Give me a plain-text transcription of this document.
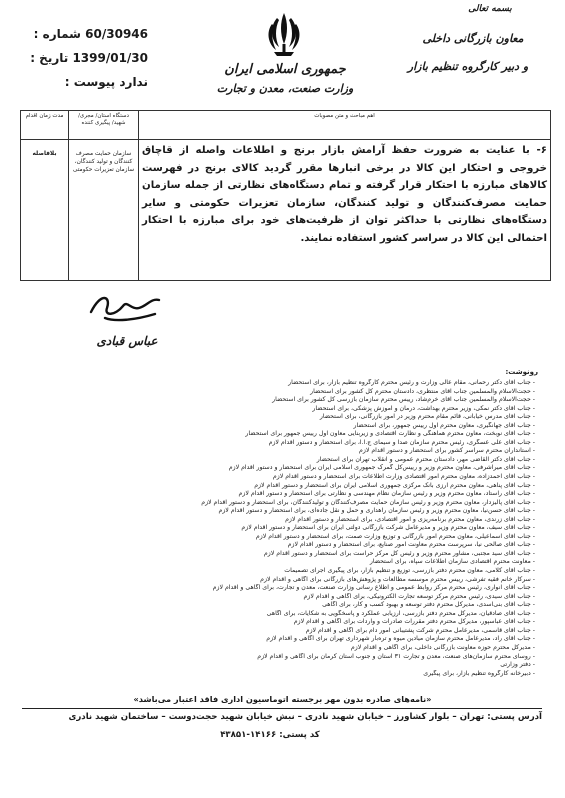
60/30946 شماره :
1399/01/30 تاریخ :
ندارد پیوست :
جمهوری اسلامی ایران
وزارت صنعت، معدن و تجارت
بسمه تعالی
معاون بازرگانی داخلی
و دبیر کارگروه تنظیم بازار
مدت زمان اقدام	دستگاه استان/ مجری/ شهید/ پیگیری کننده	اهم مباحث و متن مصوبات
بلافاصله	سازمان حمایت مصرف کنندگان و تولید کنندگان، سازمان تعزیرات حکومتی	۶- با عنایت به ضرورت حفظ آرامش بازار برنج و اطلاعات واصله از قاچاق خروجی و احتکار این کالا در برخی انبارها مقرر گردید کالای برنج در فهرست کالاهای مبارزه با احتکار قرار گرفته و تمام دستگاه‌های نظارتی از جمله سازمان حمایت مصرف‌کنندگان و تولید کنندگان، سازمان تعزیرات حکومتی و سایر دستگاه‌های نظارتی با حداکثر توان از ظرفیت‌های خود برای مبارزه با احتکار احتمالی این کالا در سراسر کشور استفاده نمایند.
عباس قبادی
رونوشت:
- جناب آقای دکتر رحمانی، مقام عالی وزارت و رئیس محترم کارگروه تنظیم بازار، برای استحضار
- حجت‌الاسلام والمسلمین جناب آقای منتظری، دادستان محترم کل کشور برای استحضار
- حجت‌الاسلام والمسلمین جناب آقای خرم‌شاد، رییس محترم سازمان بازرسی کل کشور برای استحضار
- جناب آقای دکتر نمکی، وزیر محترم بهداشت، درمان و آموزش پزشکی، برای استحضار
- جناب آقای مدرس خیابانی، قائم مقام محترم وزیر در امور بازرگانی، برای استحضار
- جناب آقای جهانگیری، معاون محترم اول رییس جمهور، برای استحضار
- جناب آقای نوبخت، معاون محترم هماهنگی و نظارت اقتصادی و زیربنایی معاون اول رییس جمهور برای استحضار
- جناب آقای علی عسگری، رئیس محترم سازمان صدا و سیمای ج.ا.ا، برای استحضار و دستور اقدام لازم
- استانداران محترم سراسر کشور برای استحضار و دستور اقدام لازم
- جناب آقای دکتر القاضی مهر، دادستان محترم عمومی و انقلاب تهران برای استحضار
- جناب آقای میرآشرفی، معاون محترم وزیر و رییس‌کل گمرک جمهوری اسلامی ایران برای استحضار و دستور اقدام لازم
- جناب آقای احمدزاده، معاون محترم امور اقتصادی وزارت اطلاعات برای استحضار و دستور اقدام لازم
- جناب آقای پناهی، معاون محترم ارزی بانک مرکزی جمهوری اسلامی ایران برای استحضار و دستور اقدام لازم
- جناب آقای راستاد، معاون محترم وزیر و رئیس سازمان نظام مهندسی و نظارتی برای استحضار و دستور اقدام لازم
- جناب آقای پالیزدار، معاون محترم وزیر و رئیس سازمان حمایت مصرف‌کنندگان و تولیدکنندگان، برای استحضار و دستور اقدام لازم
- جناب آقای حسن‌نیا، معاون محترم وزیر و رئیس سازمان راهداری و حمل و نقل جاده‌ای، برای استحضار و دستور اقدام لازم
- جناب آقای زرندی، معاون محترم برنامه‌ریزی و امور اقتصادی، برای استحضار و دستور اقدام لازم
- جناب آقای سیف، معاون محترم وزیر و مدیرعامل شرکت بازرگانی دولتی ایران برای استحضار و دستور اقدام لازم
- جناب آقای اسماعیلی، معاون محترم امور بازرگانی و توزیع وزارت صمت، برای استحضار و دستور اقدام لازم
- جناب آقای صالحی نیا، سرپرست محترم معاونت امور صنایع، برای استحضار و دستور اقدام لازم
- جناب آقای سید مجتبی، مشاور محترم وزیر و رئیس کل مرکز حراست برای استحضار و دستور اقدام لازم
- معاونت محترم اقتصادی سازمان اطلاعات سپاه، برای استحضار
- جناب آقای کلامی، معاون محترم دفتر بازرسی، توزیع و تنظیم بازار، برای پیگیری اجرای تصمیمات
- سرکار خانم فقیه تفرشی، رییس محترم موسسه مطالعات و پژوهش‌های بازرگانی برای آگاهی و اقدام لازم
- جناب آقای انواری، رئیس محترم مرکز روابط عمومی و اطلاع رسانی وزارت صنعت، معدن و تجارت، برای آگاهی و اقدام لازم
- جناب آقای سیدی، رئیس محترم مرکز توسعه تجارت الکترونیکی، برای آگاهی و اقدام لازم
- جناب آقای بنی‌اسدی، مدیرکل محترم دفتر توسعه و بهبود کسب و کار، برای آگاهی
- جناب آقای صادقیان، مدیرکل محترم دفتر بازرسی، ارزیابی عملکرد و پاسخگویی به شکایات، برای آگاهی
- جناب آقای عباسپور، مدیرکل محترم دفتر مقررات صادرات و واردات برای آگاهی و اقدام لازم
- جناب آقای قاسمی، مدیرعامل محترم شرکت پشتیبانی امور دام برای آگاهی و اقدام لازم
- جناب آقای راد، مدیرعامل محترم سازمان میادین میوه و تره‌بار شهرداری تهران برای آگاهی و اقدام لازم
- مدیرکل محترم حوزه معاونت بازرگانی داخلی، برای آگاهی و اقدام لازم
- روسای محترم سازمان‌های صنعت، معدن و تجارت ۳۱ استان و جنوب استان کرمان برای آگاهی و اقدام لازم
- دفتر وزارتی
- دبیرخانه کارگروه تنظیم بازار، برای پیگیری
«نامه‌های صادره بدون مهر برجسته اتوماسیون اداری فاقد اعتبار می‌باشد»
آدرس پستی: تهران – بلوار کشاورز – خیابان شهید نادری – نبش خیابان شهید حجت‌دوست – ساختمان شهید نادری
کد پستی: ۱۴۱۶۶-۴۳۸۵۱
